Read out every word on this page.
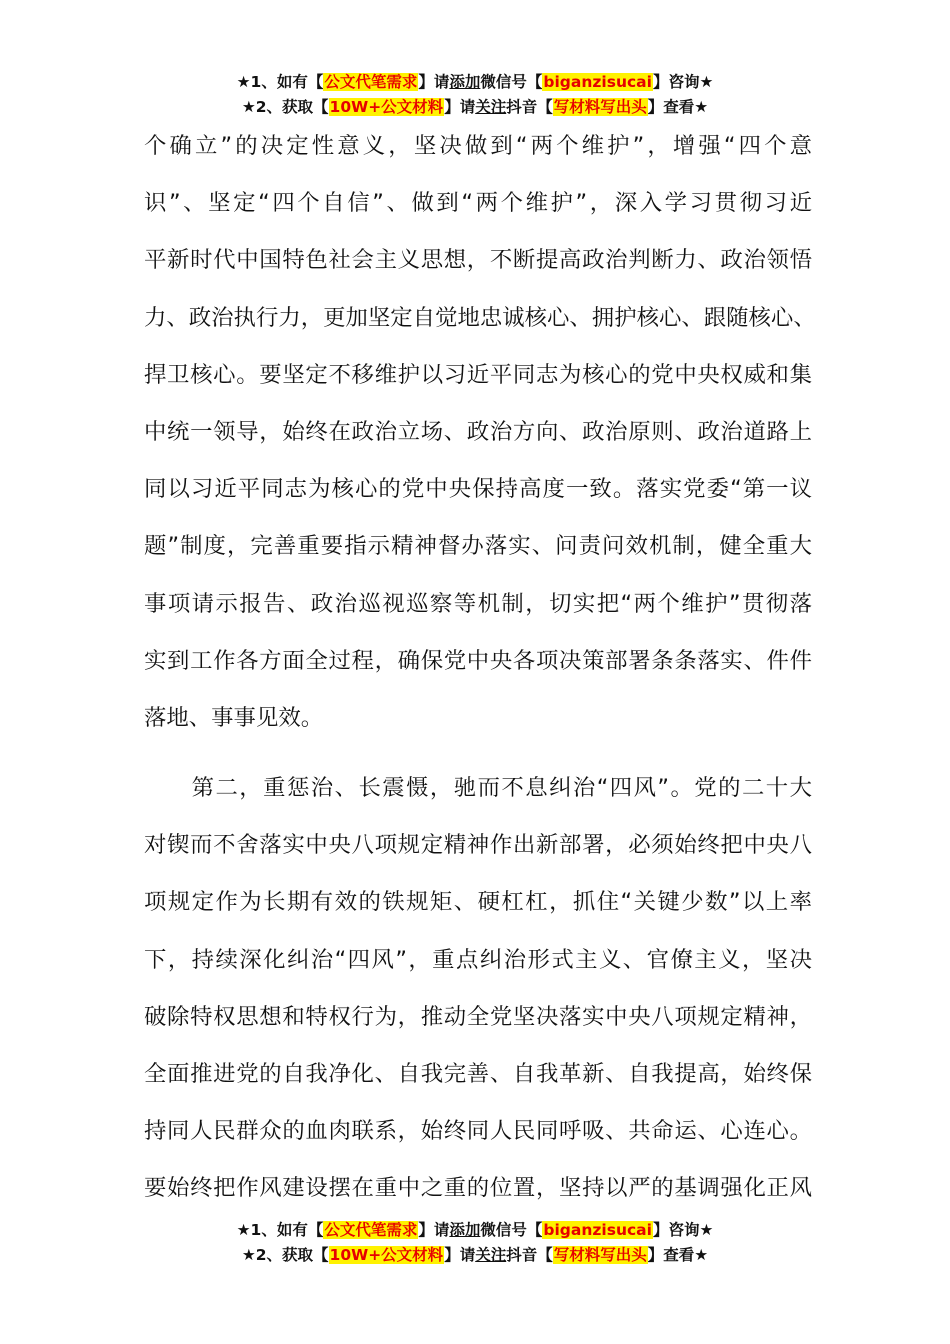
★1、如有【公文代笔需求】请添加微信号【biganzisucai】咨询★
★2、获取【10W+公文材料】请关注抖音【写材料写出头】查看★
个确立”的决定性意义，坚决做到“两个维护”，增强“四个意
识”、坚定“四个自信”、做到“两个维护”，深入学习贯彻习近
平新时代中国特色社会主义思想，不断提高政治判断力、政治领悟
力、政治执行力，更加坚定自觉地忠诚核心、拥护核心、跟随核心、
捍卫核心。要坚定不移维护以习近平同志为核心的党中央权威和集
中统一领导，始终在政治立场、政治方向、政治原则、政治道路上
同以习近平同志为核心的党中央保持高度一致。落实党委“第一议
题”制度，完善重要指示精神督办落实、问责问效机制，健全重大
事项请示报告、政治巡视巡察等机制，切实把“两个维护”贯彻落
实到工作各方面全过程，确保党中央各项决策部署条条落实、件件
落地、事事见效。
　　第二，重惩治、长震慑，驰而不息纠治“四风”。党的二十大
对锲而不舍落实中央八项规定精神作出新部署，必须始终把中央八
项规定作为长期有效的铁规矩、硬杠杠，抓住“关键少数”以上率
下，持续深化纠治“四风”，重点纠治形式主义、官僚主义，坚决
破除特权思想和特权行为，推动全党坚决落实中央八项规定精神，
全面推进党的自我净化、自我完善、自我革新、自我提高，始终保
持同人民群众的血肉联系，始终同人民同呼吸、共命运、心连心。
要始终把作风建设摆在重中之重的位置，坚持以严的基调强化正风
★1、如有【公文代笔需求】请添加微信号【biganzisucai】咨询★
★2、获取【10W+公文材料】请关注抖音【写材料写出头】查看★
